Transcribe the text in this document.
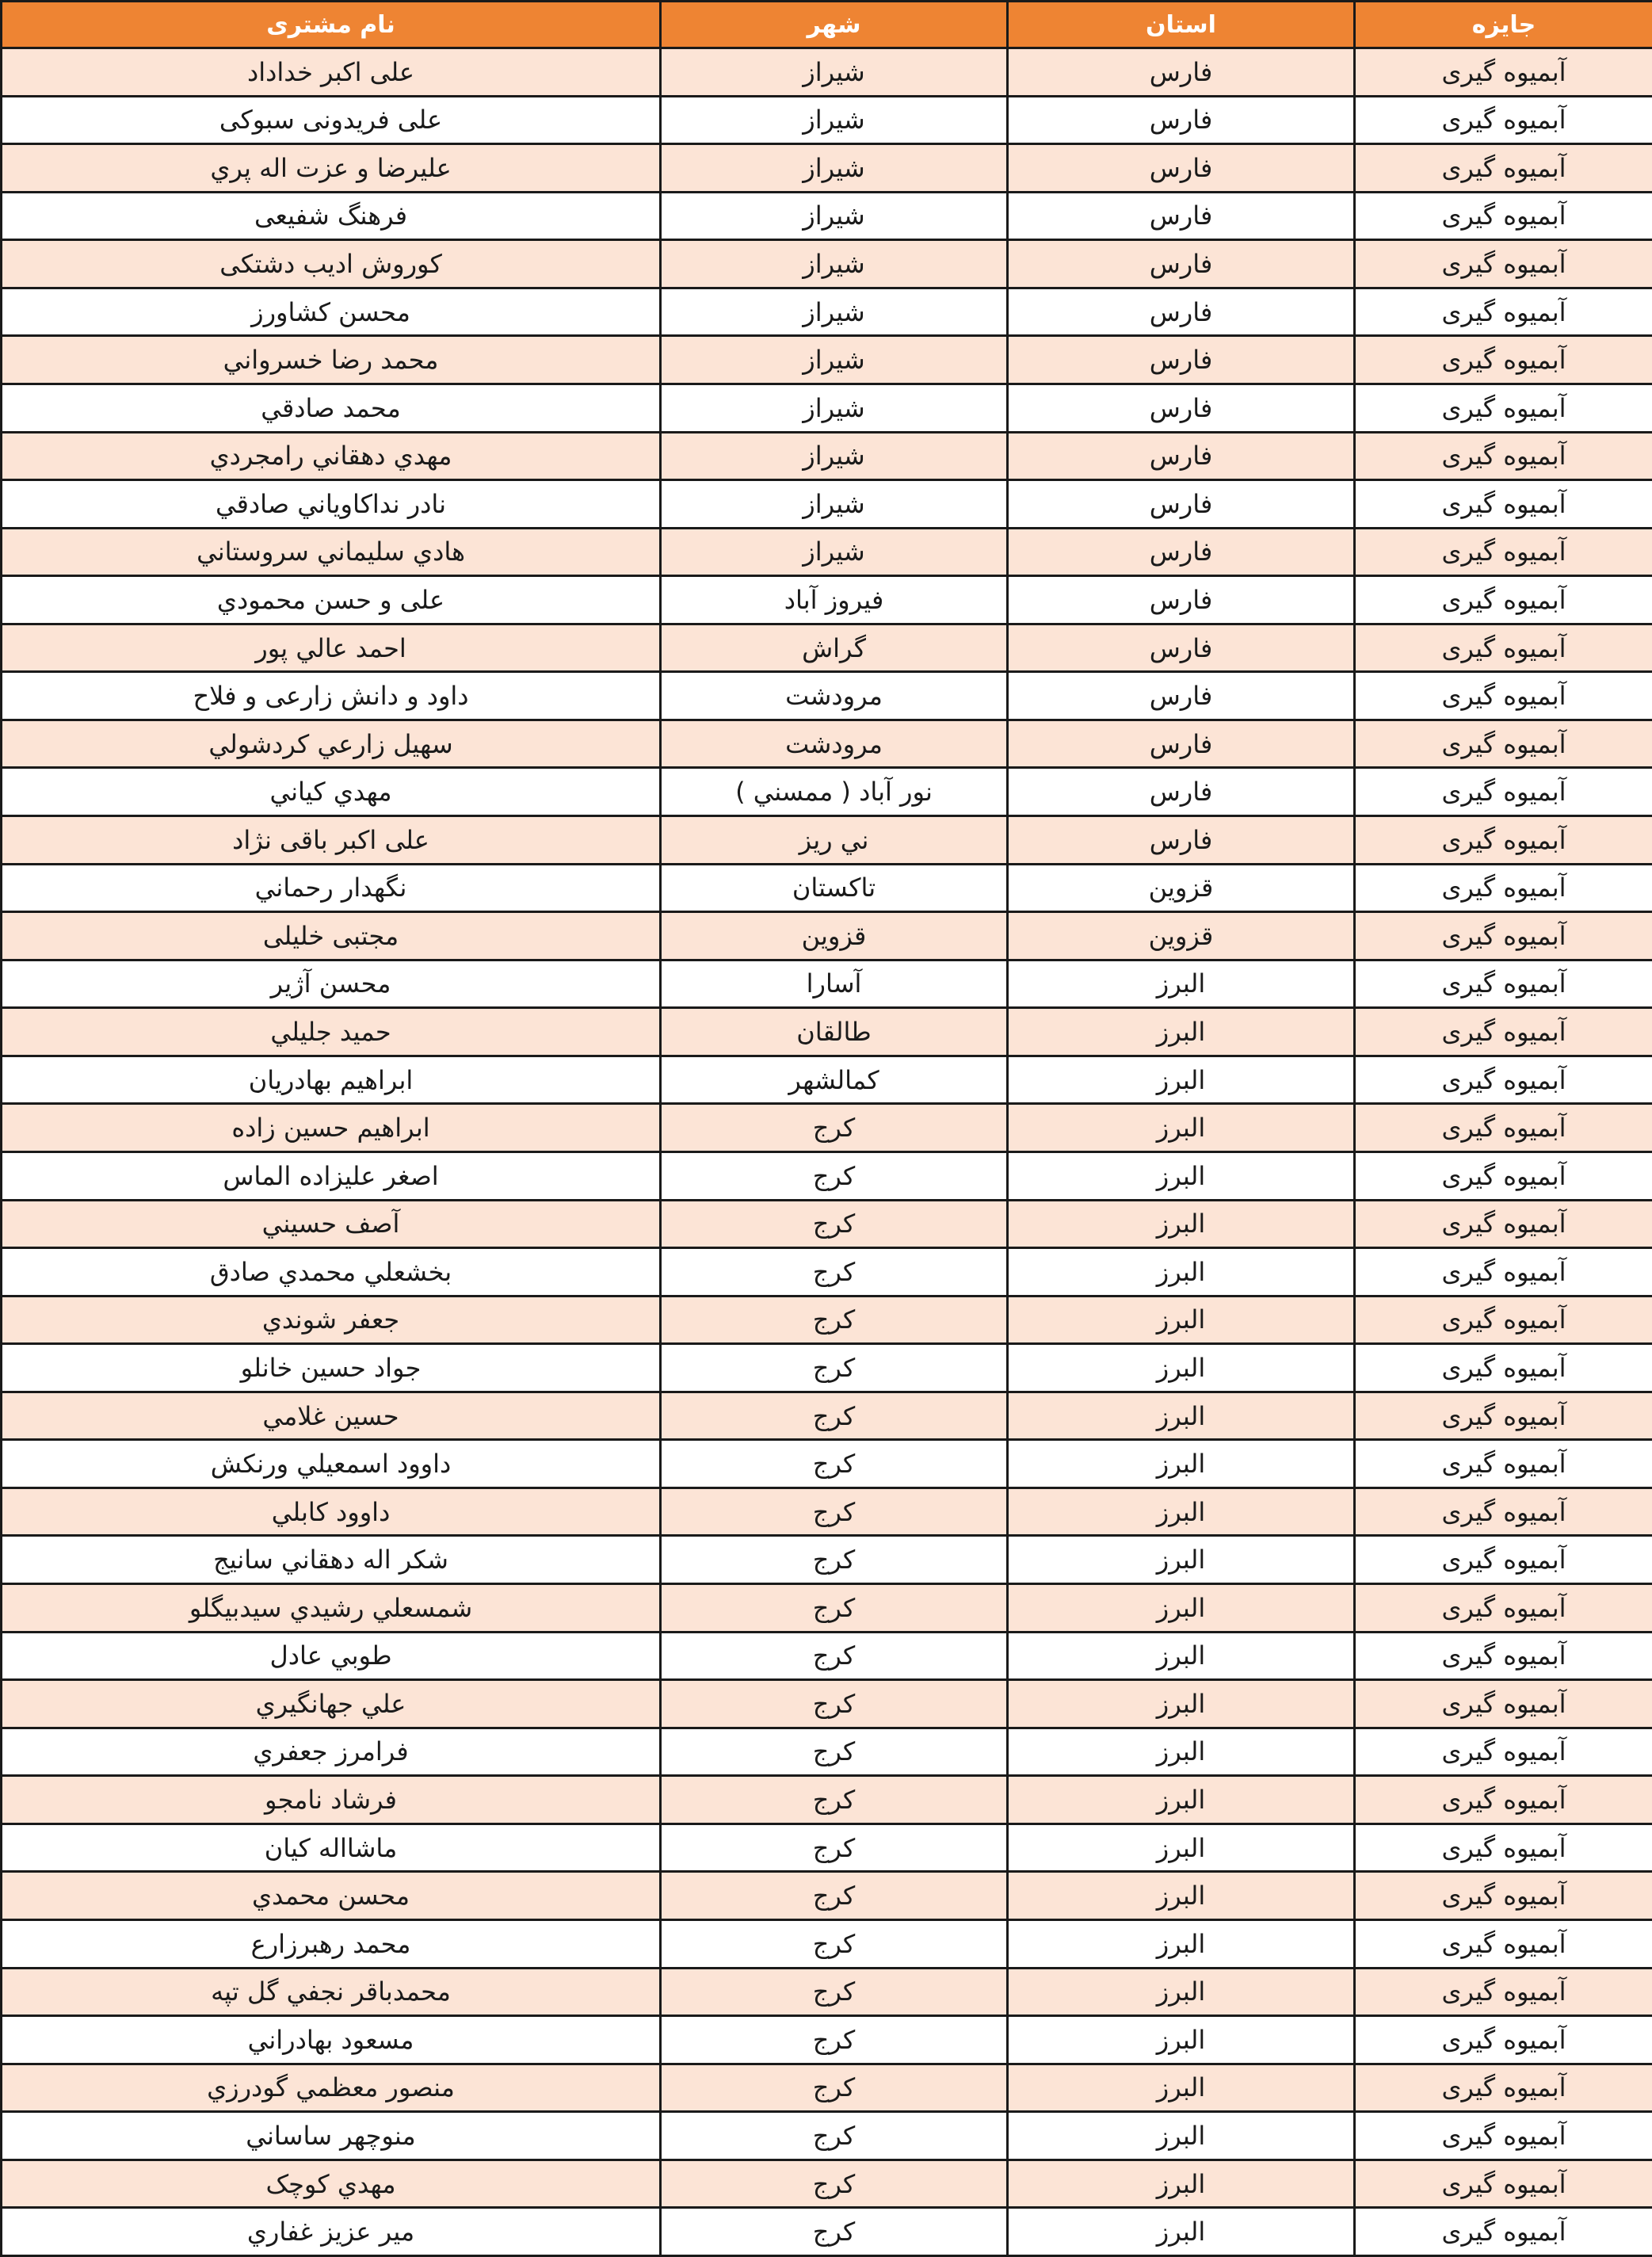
نام مشتری	شهر	استان	جایزه
علی اکبر خداداد	شیراز	فارس	آبمیوه گیری
علی فریدونی سبوکی	شیراز	فارس	آبمیوه گیری
علیرضا و عزت اله پري	شیراز	فارس	آبمیوه گیری
فرهنگ شفیعی	شیراز	فارس	آبمیوه گیری
کوروش ادیب دشتکی	شیراز	فارس	آبمیوه گیری
محسن کشاورز	شیراز	فارس	آبمیوه گیری
محمد رضا خسرواني	شیراز	فارس	آبمیوه گیری
محمد صادقي	شیراز	فارس	آبمیوه گیری
مهدي دهقاني رامجردي	شیراز	فارس	آبمیوه گیری
نادر نداکاویاني صادقي	شیراز	فارس	آبمیوه گیری
هادي سليماني سروستاني	شیراز	فارس	آبمیوه گیری
علی و حسن محمودي	فیروز آباد	فارس	آبمیوه گیری
احمد عالي پور	گراش	فارس	آبمیوه گیری
داود و دانش زارعی و فلاح	مرودشت	فارس	آبمیوه گیری
سهيل زارعي كردشولي	مرودشت	فارس	آبمیوه گیری
مهدي كياني	نور آباد ( ممسني )	فارس	آبمیوه گیری
علی اکبر باقی نژاد	ني ريز	فارس	آبمیوه گیری
نگهدار رحماني	تاكستان	قزوین	آبمیوه گیری
مجتبی خلیلی	قزوين	قزوین	آبمیوه گیری
محسن آژیر	آسارا	البرز	آبمیوه گیری
حميد جليلي	طالقان	البرز	آبمیوه گیری
ابراهيم بهادريان	كمالشهر	البرز	آبمیوه گیری
ابراهیم حسین زاده	کرج	البرز	آبمیوه گیری
اصغر علیزاده الماس	کرج	البرز	آبمیوه گیری
آصف حسيني	کرج	البرز	آبمیوه گیری
بخشعلي محمدي صادق	کرج	البرز	آبمیوه گیری
جعفر شوندي	کرج	البرز	آبمیوه گیری
جواد حسين خانلو	کرج	البرز	آبمیوه گیری
حسين غلامي	کرج	البرز	آبمیوه گیری
داوود اسمعيلي ورنكش	کرج	البرز	آبمیوه گیری
داوود كابلي	کرج	البرز	آبمیوه گیری
شكر اله دهقاني سانيج	کرج	البرز	آبمیوه گیری
شمسعلي رشيدي سيدبيگلو	کرج	البرز	آبمیوه گیری
طوبي عادل	کرج	البرز	آبمیوه گیری
علي جهانگيري	کرج	البرز	آبمیوه گیری
فرامرز جعفري	کرج	البرز	آبمیوه گیری
فرشاد نامجو	کرج	البرز	آبمیوه گیری
ماشااله كيان	کرج	البرز	آبمیوه گیری
محسن محمدي	کرج	البرز	آبمیوه گیری
محمد رهبرزارع	کرج	البرز	آبمیوه گیری
محمدباقر نجفي گل تپه	کرج	البرز	آبمیوه گیری
مسعود بهادراني	کرج	البرز	آبمیوه گیری
منصور معظمي گودرزي	کرج	البرز	آبمیوه گیری
منوچهر ساساني	کرج	البرز	آبمیوه گیری
مهدي كوچک	کرج	البرز	آبمیوه گیری
مير عزيز غفاري	کرج	البرز	آبمیوه گیری
